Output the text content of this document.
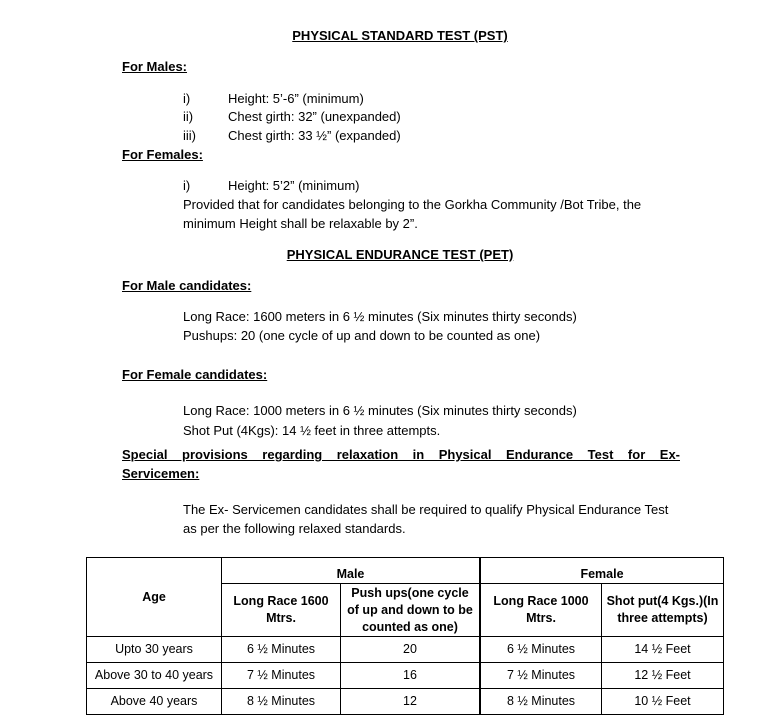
PHYSICAL STANDARD TEST (PST)
For Males:
i)	Height: 5’-6” (minimum)
ii)	Chest girth: 32” (unexpanded)
iii) Chest girth: 33 ½” (expanded)
For Females:
i)	Height: 5’2” (minimum)
Provided that for candidates belonging to the Gorkha Community /Bot Tribe, the
minimum Height shall be relaxable by 2”.
PHYSICAL ENDURANCE TEST (PET)
For Male candidates:
Long Race: 1600 meters in 6 ½ minutes (Six minutes thirty seconds)
Pushups: 20 (one cycle of up and down to be counted as one)
For Female candidates:
Long Race: 1000 meters in 6 ½ minutes (Six minutes thirty seconds)
Shot Put (4Kgs): 14 ½ feet in three attempts.
Special provisions regarding relaxation in Physical Endurance Test for Ex-
Servicemen:
The Ex- Servicemen candidates shall be required to qualify Physical Endurance Test
as per the following relaxed standards.
Age	Male		Female	
	Long Race 1600 Mtrs.	Push ups(one cycle of up and down to be counted as one)	Long Race 1000 Mtrs.	Shot put(4 Kgs.)(In three attempts)
Upto 30 years	6 ½ Minutes	20	6 ½ Minutes	14 ½ Feet
Above 30 to 40 years	7 ½ Minutes	16	7 ½ Minutes	12 ½ Feet
Above 40 years	8 ½ Minutes	12	8 ½ Minutes	10 ½ Feet
